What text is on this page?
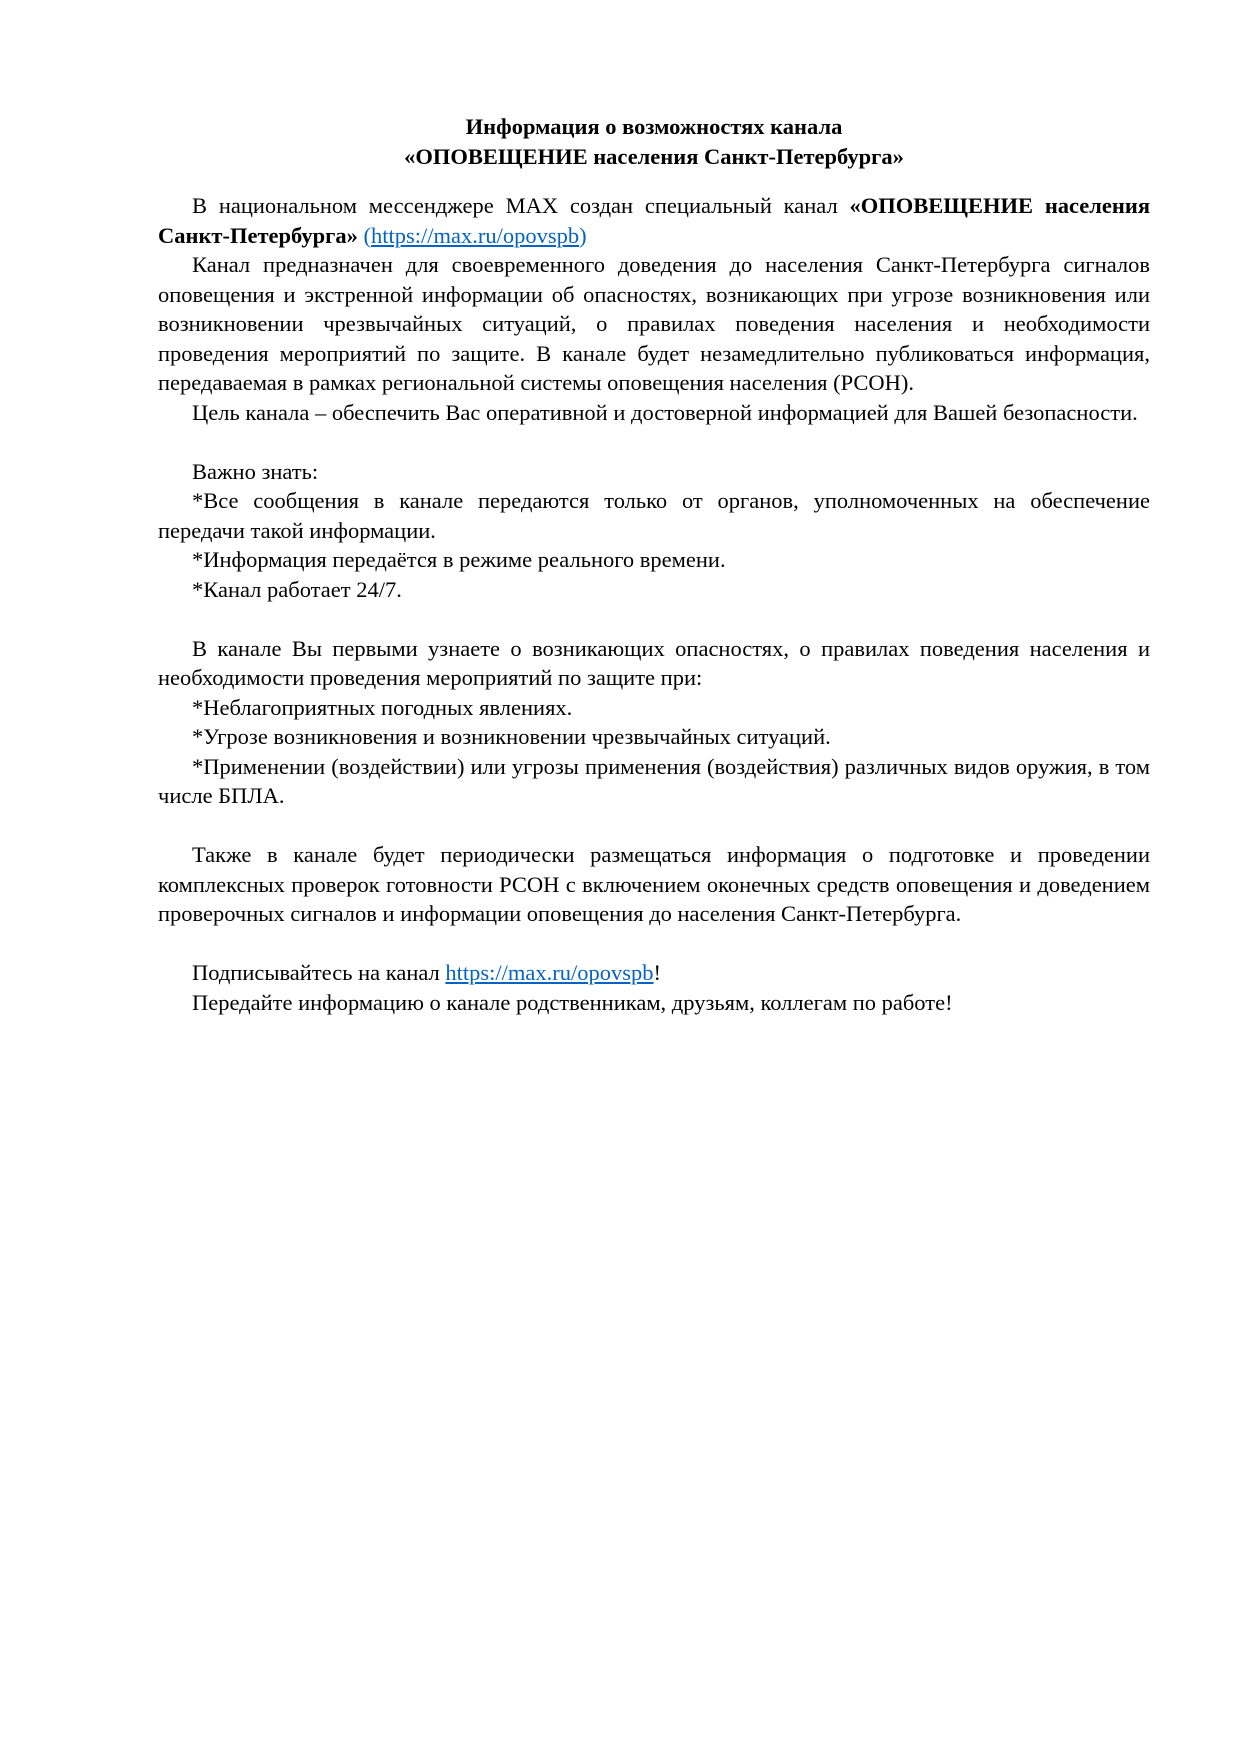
Информация о возможностях канала
«ОПОВЕЩЕНИЕ населения Санкт-Петербурга»

В национальном мессенджере MAX создан специальный канал «ОПОВЕЩЕНИЕ населения Санкт-Петербурга» (https://max.ru/opovspb)

Канал предназначен для своевременного доведения до населения Санкт-Петербурга сигналов оповещения и экстренной информации об опасностях, возникающих при угрозе возникновения или возникновении чрезвычайных ситуаций, о правилах поведения населения и необходимости проведения мероприятий по защите. В канале будет незамедлительно публиковаться информация, передаваемая в рамках региональной системы оповещения населения (РСОН).

Цель канала – обеспечить Вас оперативной и достоверной информацией для Вашей безопасности.

Важно знать:

*Все сообщения в канале передаются только от органов, уполномоченных на обеспечение передачи такой информации.

*Информация передаётся в режиме реального времени.

*Канал работает 24/7.

В канале Вы первыми узнаете о возникающих опасностях, о правилах поведения населения и необходимости проведения мероприятий по защите при:

*Неблагоприятных погодных явлениях.

*Угрозе возникновения и возникновении чрезвычайных ситуаций.

*Применении (воздействии) или угрозы применения (воздействия) различных видов оружия, в том числе БПЛА.

Также в канале будет периодически размещаться информация о подготовке и проведении комплексных проверок готовности РСОН с включением оконечных средств оповещения и доведением проверочных сигналов и информации оповещения до населения Санкт-Петербурга.

Подписывайтесь на канал https://max.ru/opovspb!

Передайте информацию о канале родственникам, друзьям, коллегам по работе!
